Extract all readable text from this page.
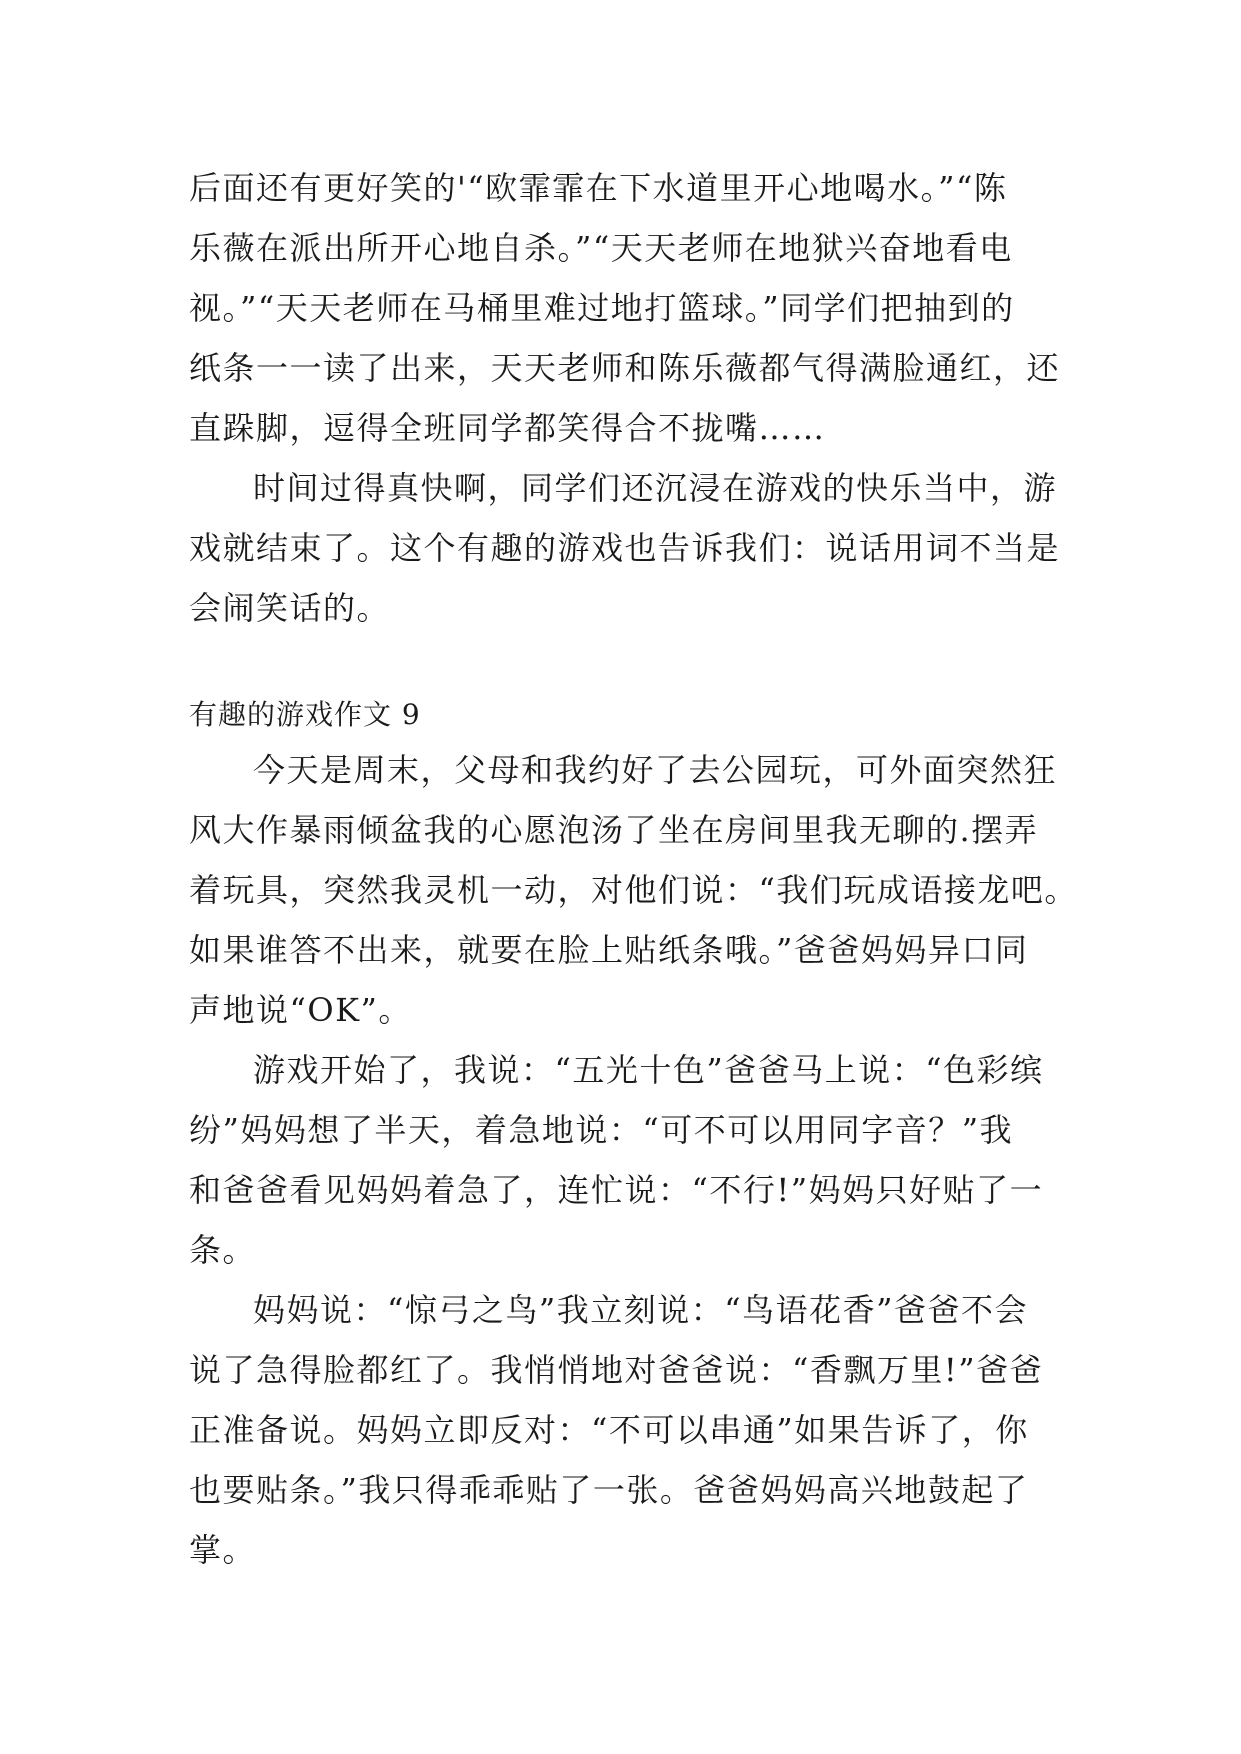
后面还有更好笑的'“欧霏霏在下水道里开心地喝水。”“陈
乐薇在派出所开心地自杀。”“天天老师在地狱兴奋地看电
视。”“天天老师在马桶里难过地打篮球。”同学们把抽到的
纸条一一读了出来，天天老师和陈乐薇都气得满脸通红，还
直跺脚，逗得全班同学都笑得合不拢嘴……
时间过得真快啊，同学们还沉浸在游戏的快乐当中，游
戏就结束了。这个有趣的游戏也告诉我们：说话用词不当是
会闹笑话的。
有趣的游戏作文 9
今天是周末，父母和我约好了去公园玩，可外面突然狂
风大作暴雨倾盆我的心愿泡汤了坐在房间里我无聊的.摆弄
着玩具，突然我灵机一动，对他们说：“我们玩成语接龙吧。
如果谁答不出来，就要在脸上贴纸条哦。”爸爸妈妈异口同
声地说“OK”。
游戏开始了，我说：“五光十色”爸爸马上说：“色彩缤
纷”妈妈想了半天，着急地说：“可不可以用同字音？”我
和爸爸看见妈妈着急了，连忙说：“不行!”妈妈只好贴了一
条。
妈妈说：“惊弓之鸟”我立刻说：“鸟语花香”爸爸不会
说了急得脸都红了。我悄悄地对爸爸说：“香飘万里!”爸爸
正准备说。妈妈立即反对：“不可以串通”如果告诉了，你
也要贴条。”我只得乖乖贴了一张。爸爸妈妈高兴地鼓起了
掌。
